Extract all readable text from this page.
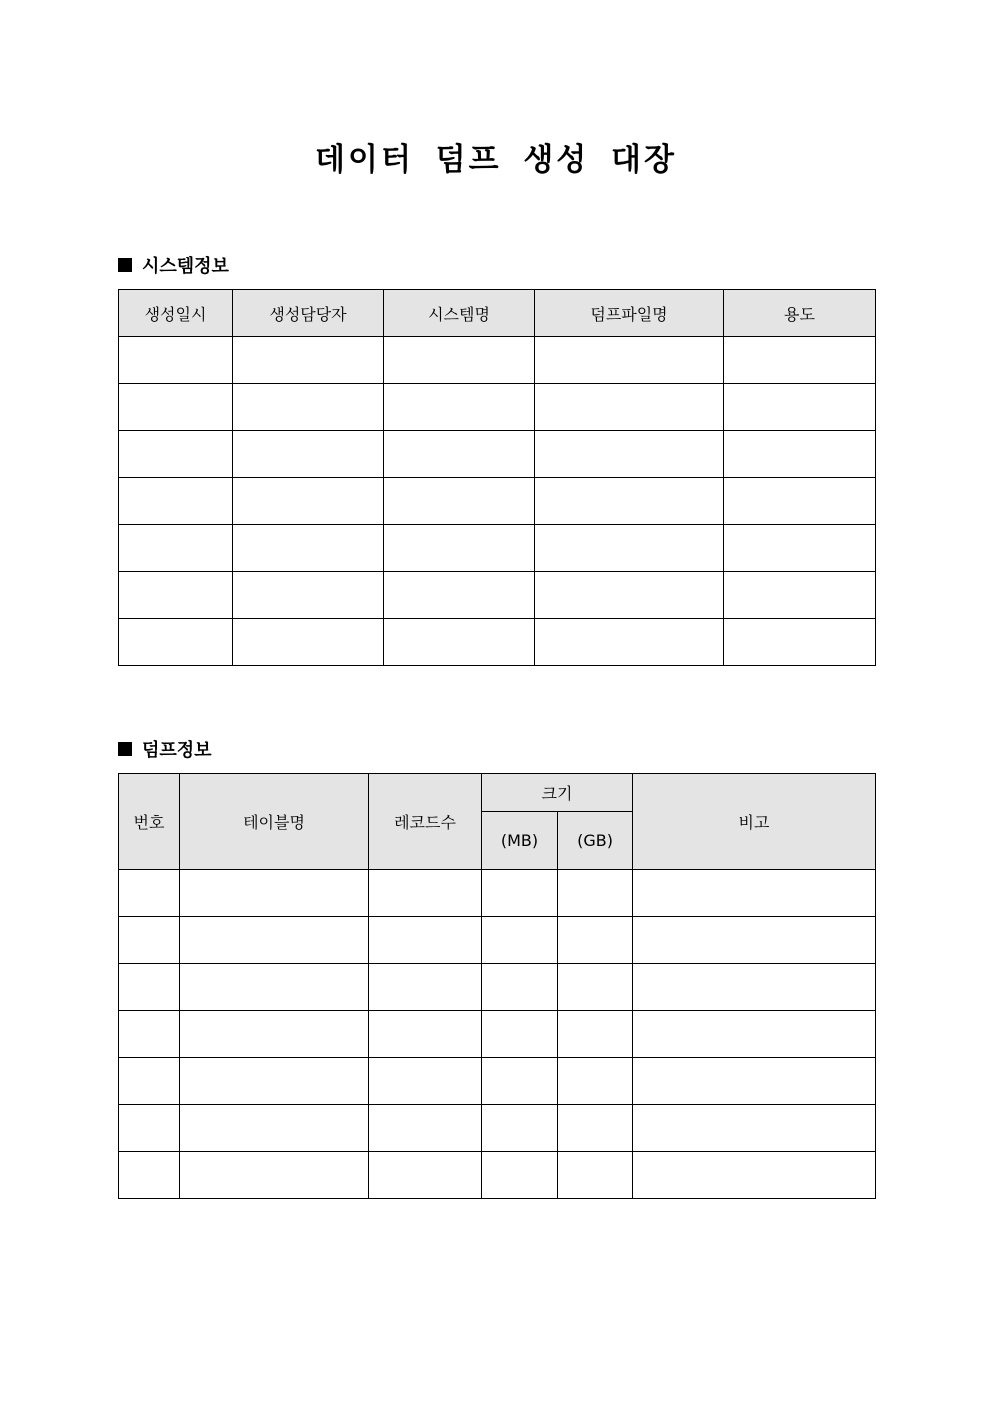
데이터 덤프 생성 대장
시스템정보
생성일시	생성담당자	시스템명	덤프파일명	용도

덤프정보
번호	테이블명	레코드수	크기		비고
			(MB)	(GB)	
